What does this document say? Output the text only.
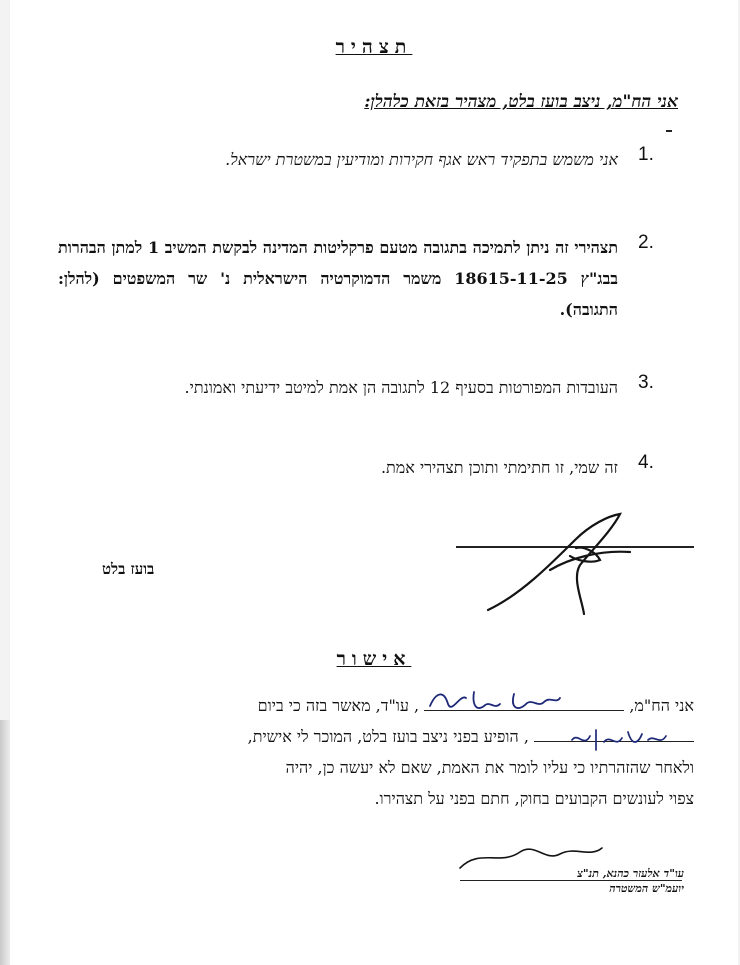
תצהיר
אני הח"מ, ניצב בועז בלט, מצהיר בזאת כלהלן:
1.
אני משמש בתפקיד ראש אגף חקירות ומודיעין במשטרת ישראל.
2.
תצהירי זה ניתן לתמיכה בתגובה מטעם פרקליטות המדינה לבקשת המשיב 1 למתן הבהרות בבג"ץ 18615-11-25 משמר הדמוקרטיה הישראלית נ' שר המשפטים (להלן: התגובה).
3.
העובדות המפורטות בסעיף 12 לתגובה הן אמת למיטב ידיעתי ואמונתי.
4.
זה שמי, זו חתימתי ותוכן תצהירי אמת.
בועז בלט
אישור
אני הח"מ,  , עו"ד, מאשר בזה כי ביום
, הופיע בפני ניצב בועז בלט, המוכר לי אישית,
ולאחר שהזהרתיו כי עליו לומר את האמת, שאם לא יעשה כן, יהיה
צפוי לעונשים הקבועים בחוק, חתם בפני על תצהירו.
עו"ד אלעזר כהנא, תנ"צ
יועמ"ש המשטרה
